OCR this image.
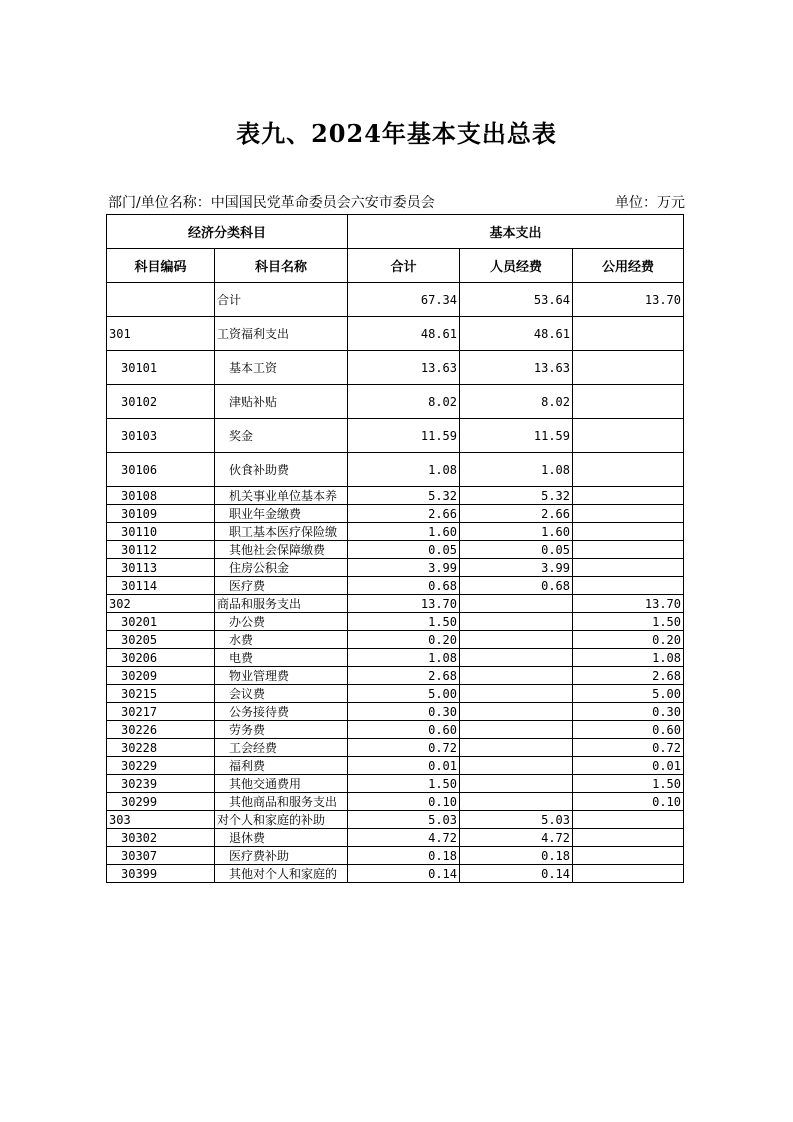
表九、2024年基本支出总表
部门/单位名称：中国国民党革命委员会六安市委员会	单位：万元
经济分类科目		基本支出		
科目编码	科目名称	合计	人员经费	公用经费
	合计	67.34	53.64	13.70
301	工资福利支出	48.61	48.61	
30101	基本工资	13.63	13.63	
30102	津贴补贴	8.02	8.02	
30103	奖金	11.59	11.59	
30106	伙食补助费	1.08	1.08	
30108	机关事业单位基本养	5.32	5.32	
30109	职业年金缴费	2.66	2.66	
30110	职工基本医疗保险缴	1.60	1.60	
30112	其他社会保障缴费	0.05	0.05	
30113	住房公积金	3.99	3.99	
30114	医疗费	0.68	0.68	
302	商品和服务支出	13.70		13.70
30201	办公费	1.50		1.50
30205	水费	0.20		0.20
30206	电费	1.08		1.08
30209	物业管理费	2.68		2.68
30215	会议费	5.00		5.00
30217	公务接待费	0.30		0.30
30226	劳务费	0.60		0.60
30228	工会经费	0.72		0.72
30229	福利费	0.01		0.01
30239	其他交通费用	1.50		1.50
30299	其他商品和服务支出	0.10		0.10
303	对个人和家庭的补助	5.03	5.03	
30302	退休费	4.72	4.72	
30307	医疗费补助	0.18	0.18	
30399	其他对个人和家庭的	0.14	0.14	
